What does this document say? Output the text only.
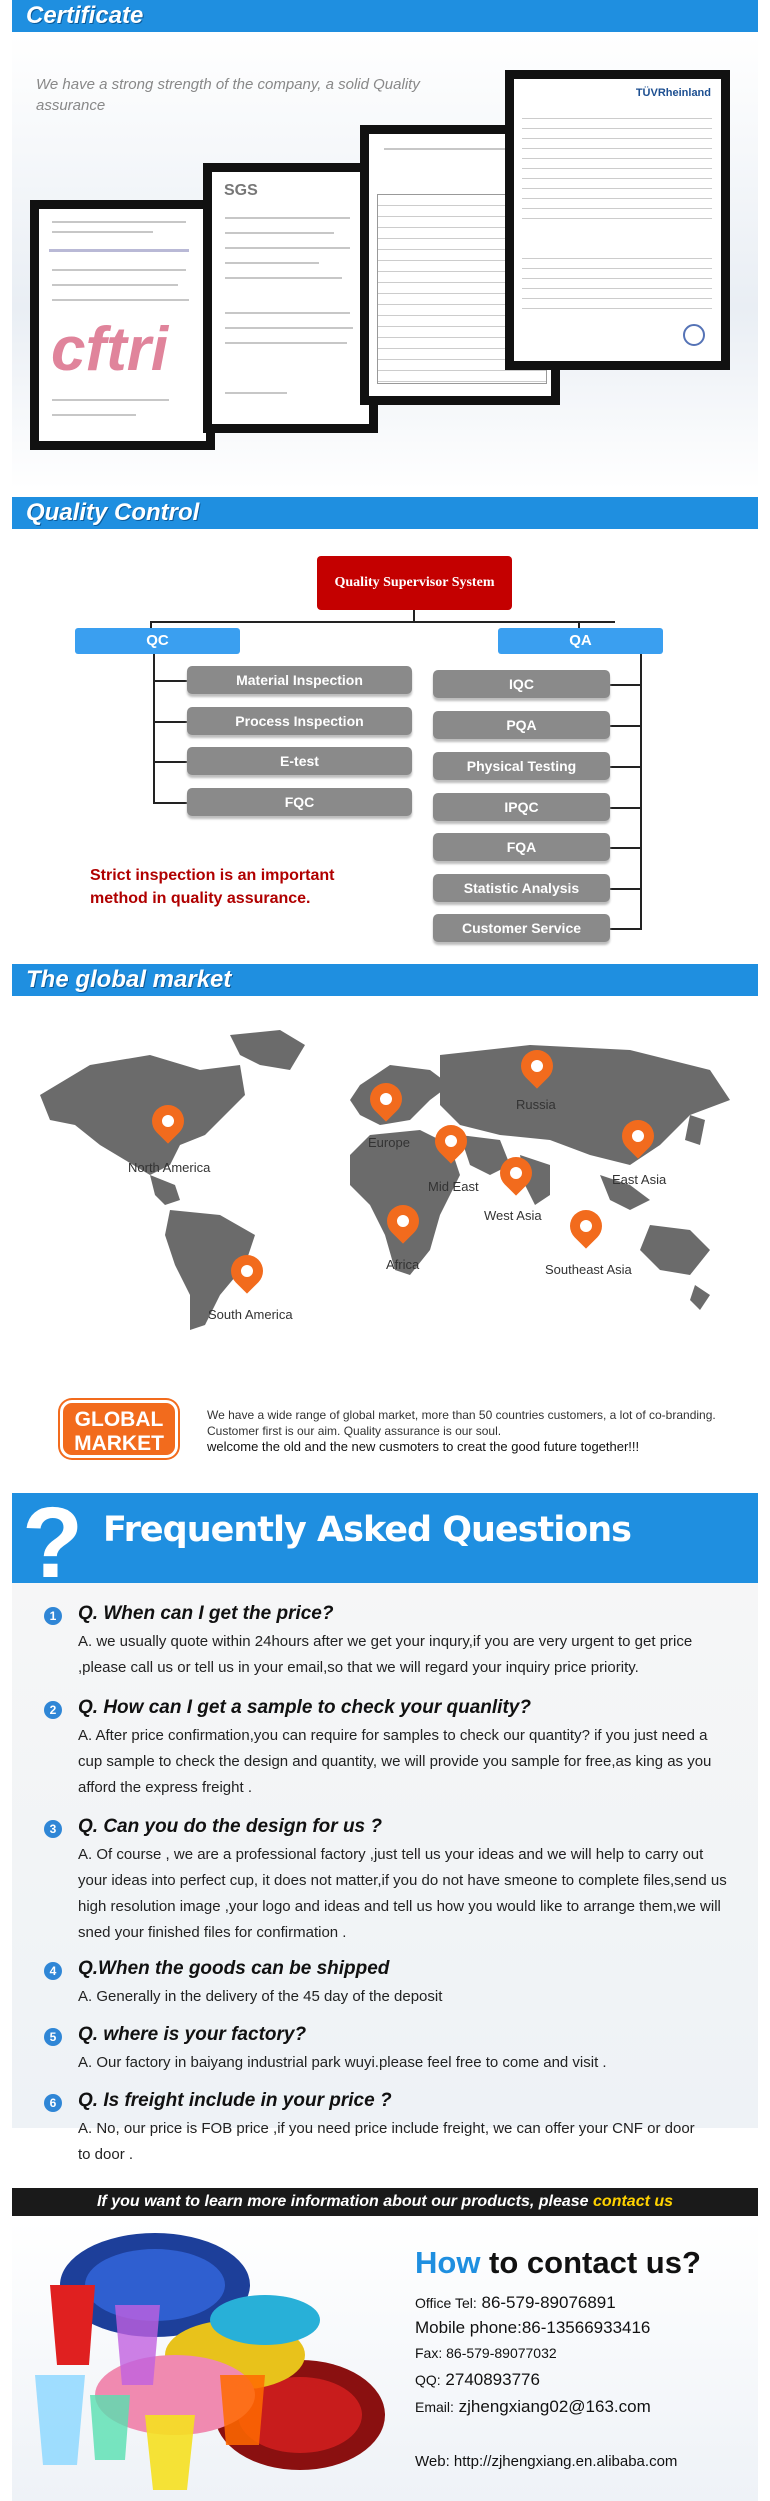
Certificate
We have a strong strength of the company, a solid Quality
assurance
cftri
SGS
TÜVRheinland
Quality Control
Quality Supervisor System
QC	QA
Material Inspection
Process Inspection
E-test
FQC
IQC
PQA
Physical Testing
IPQC
FQA
Statistic Analysis
Customer Service
Strict inspection is an important
method in quality assurance.
The global market
Russia
Europe
North America
Mid East	East Asia
West Asia
Africa	Southeast Asia
South America
GLOBAL
MARKET
We have a wide range of global market, more than 50 countries customers, a lot of co-branding.
Customer first is our aim. Quality assurance is our soul.
welcome the old and the new cusmoters to creat the good future together!!!
? Frequently Asked Questions
1 Q. When can I get the price?
A. we usually quote within 24hours after we get your inqury,if you are very urgent to get price ,please call us or tell us in your email,so that we will regard your inquiry price priority.
2 Q. How can I get a sample to check your quanlity?
A. After price confirmation,you can require for samples to check our quantity? if you just need a cup sample to check the design and quantity, we will provide you sample for free,as king as you afford the express freight .
3 Q. Can you do the design for us ?
A. Of course , we are a professional factory ,just tell us your ideas and we will help to carry out your ideas into perfect cup, it does not matter,if you do not have smeone to complete files,send us high resolution image ,your logo and ideas and tell us how you would like to arrange them,we will sned your finished files for confirmation .
4 Q.When the goods can be shipped
A. Generally in the delivery of the 45 day of the deposit
5 Q. where is your factory?
A. Our factory in baiyang industrial park wuyi.please feel free to come and visit .
6 Q. Is freight include in your price ?
A. No, our price is FOB price ,if you need price include freight, we can offer your CNF or door to door .
If you want to learn more information about our products, please contact us
How to contact us?
Office Tel: 86-579-89076891
Mobile phone:86-13566933416
Fax: 86-579-89077032
QQ: 2740893776
Email: zjhengxiang02@163.com
Web: http://zjhengxiang.en.alibaba.com
